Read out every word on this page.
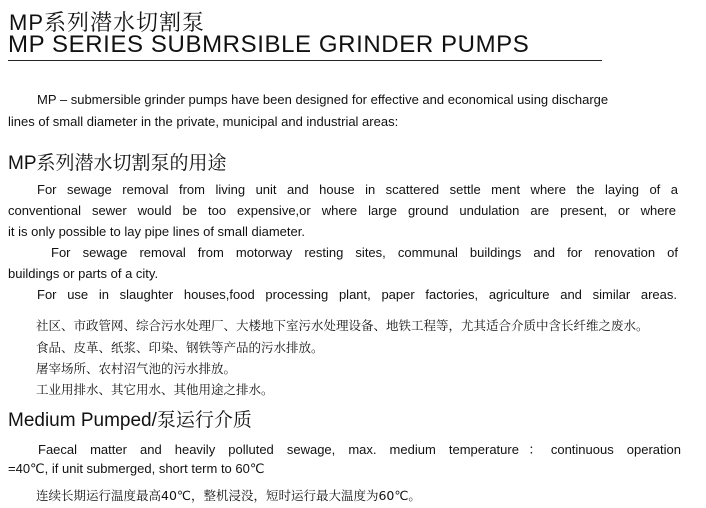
MP系列潜水切割泵

MP SERIES SUBMRSIBLE GRINDER PUMPS

MP – submersible grinder pumps have been designed for effective and economical using discharge

lines of small diameter in the private, municipal and industrial areas:

MP系列潜水切割泵的用途

For sewage removal from living unit and house in scattered settle ment where the laying of a

conventional sewer would be too expensive,or where large ground undulation are present, or where

it is only possible to lay pipe lines of small diameter.

For sewage removal from motorway resting sites, communal buildings and for renovation of

buildings or parts of a city.

For use in slaughter houses,food processing plant, paper factories, agriculture and similar areas.

社区、市政管网、综合污水处理厂、大楼地下室污水处理设备、地铁工程等，尤其适合介质中含长纤维之废水。

食品、皮革、纸浆、印染、钢铁等产品的污水排放。

屠宰场所、农村沼气池的污水排放。

工业用排水、其它用水、其他用途之排水。

Medium Pumped/泵运行介质

Faecal matter and heavily polluted sewage, max. medium temperature：continuous operation

=40℃, if unit submerged, short term to 60℃

连续长期运行温度最高40℃，整机浸没，短时运行最大温度为60℃。
